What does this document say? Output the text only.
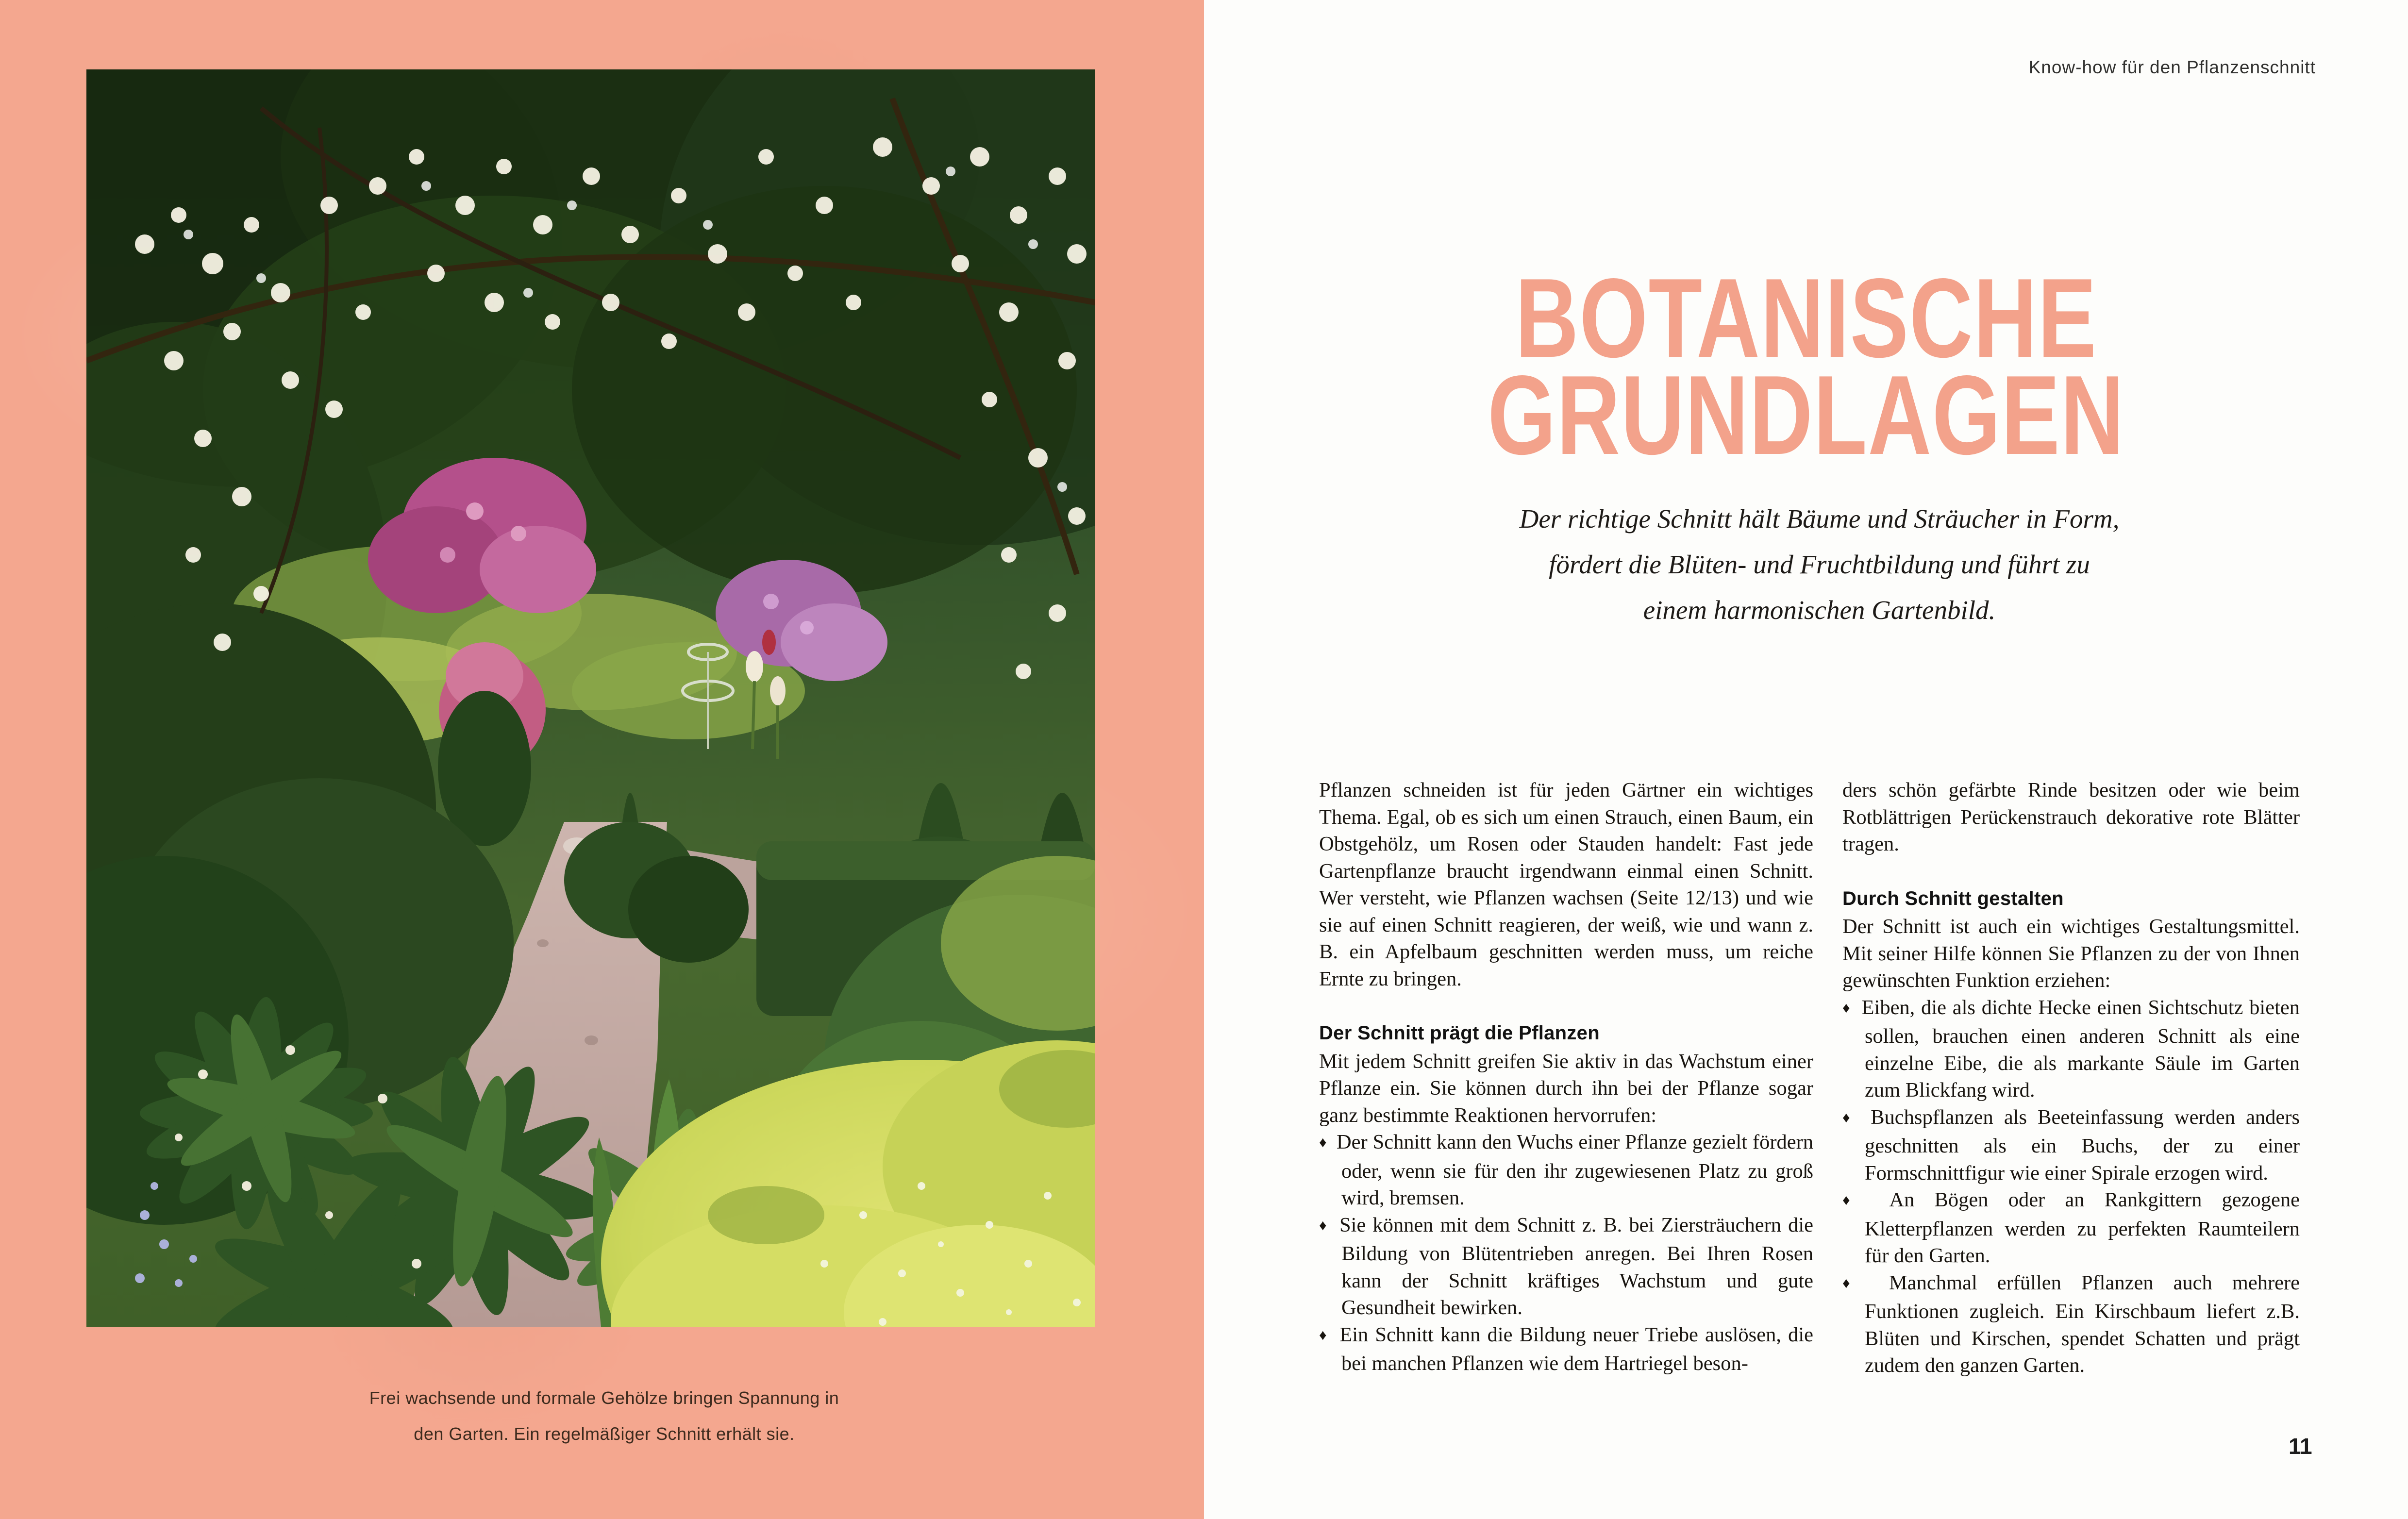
Frei wachsende und formale Gehölze bringen Spannung in
den Garten. Ein regelmäßiger Schnitt erhält sie.
Know-how für den Pflanzenschnitt
BOTANISCHE
GRUNDLAGEN
Der richtige Schnitt hält Bäume und Sträucher in Form,
fördert die Blüten- und Fruchtbildung und führt zu
einem harmonischen Gartenbild.

Pflanzen schneiden ist für jeden Gärtner ein wichtiges Thema. Egal, ob es sich um einen Strauch, einen Baum, ein Obstgehölz, um Rosen oder Stauden handelt: Fast jede Gartenpflanze braucht irgendwann einmal einen Schnitt. Wer versteht, wie Pflanzen wachsen (Seite 12/13) und wie sie auf einen Schnitt reagieren, der weiß, wie und wann z. B. ein Apfelbaum geschnitten werden muss, um reiche Ernte zu bringen.

Der Schnitt prägt die Pflanzen

Mit jedem Schnitt greifen Sie aktiv in das Wachstum einer Pflanze ein. Sie können durch ihn bei der Pflanze sogar ganz bestimmte Reaktionen hervorrufen:

♦ Der Schnitt kann den Wuchs einer Pflanze gezielt fördern oder, wenn sie für den ihr zugewiesenen Platz zu groß wird, bremsen.

♦ Sie können mit dem Schnitt z. B. bei Ziersträuchern die Bildung von Blütentrieben anregen. Bei Ihren Rosen kann der Schnitt kräftiges Wachstum und gute Gesundheit bewirken.

♦ Ein Schnitt kann die Bildung neuer Triebe auslösen, die bei manchen Pflanzen wie dem Hartriegel beson-

ders schön gefärbte Rinde besitzen oder wie beim Rotblättrigen Perückenstrauch dekorative rote Blätter tragen.

Durch Schnitt gestalten

Der Schnitt ist auch ein wichtiges Gestaltungsmittel. Mit seiner Hilfe können Sie Pflanzen zu der von Ihnen gewünschten Funktion erziehen:

♦ Eiben, die als dichte Hecke einen Sichtschutz bieten sollen, brauchen einen anderen Schnitt als eine einzelne Eibe, die als markante Säule im Garten zum Blickfang wird.

♦ Buchspflanzen als Beeteinfassung werden anders geschnitten als ein Buchs, der zu einer Formschnittfigur wie einer Spirale erzogen wird.

♦ An Bögen oder an Rankgittern gezogene Kletterpflanzen werden zu perfekten Raumteilern für den Garten.

♦ Manchmal erfüllen Pflanzen auch mehrere Funktionen zugleich. Ein Kirschbaum liefert z.B. Blüten und Kirschen, spendet Schatten und prägt zudem den ganzen Garten.

11
